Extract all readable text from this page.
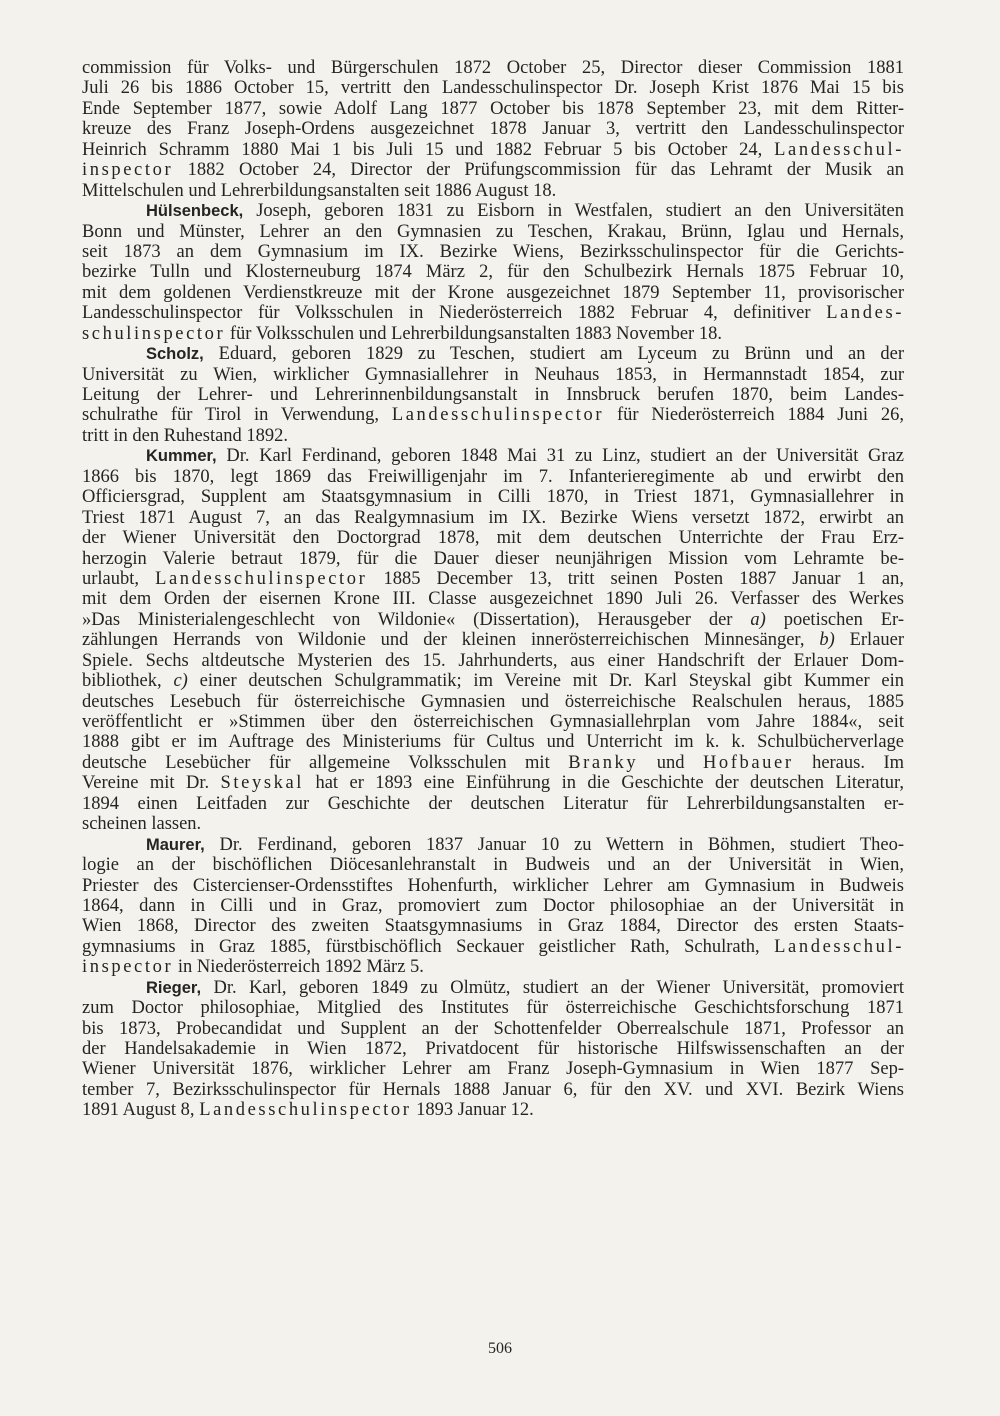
commission für Volks- und Bürgerschulen 1872 October 25, Director dieser Commission 1881
Juli 26 bis 1886 October 15, vertritt den Landesschulinspector Dr. Joseph Krist 1876 Mai 15 bis
Ende September 1877, sowie Adolf Lang 1877 October bis 1878 September 23, mit dem Ritter-
kreuze des Franz Joseph-Ordens ausgezeichnet 1878 Januar 3, vertritt den Landesschulinspector
Heinrich Schramm 1880 Mai 1 bis Juli 15 und 1882 Februar 5 bis October 24, Landesschul-
inspector 1882 October 24, Director der Prüfungscommission für das Lehramt der Musik an
Mittelschulen und Lehrerbildungsanstalten seit 1886 August 18.
Hülsenbeck, Joseph, geboren 1831 zu Eisborn in Westfalen, studiert an den Universitäten
Bonn und Münster, Lehrer an den Gymnasien zu Teschen, Krakau, Brünn, Iglau und Hernals,
seit 1873 an dem Gymnasium im IX. Bezirke Wiens, Bezirksschulinspector für die Gerichts-
bezirke Tulln und Klosterneuburg 1874 März 2, für den Schulbezirk Hernals 1875 Februar 10,
mit dem goldenen Verdienstkreuze mit der Krone ausgezeichnet 1879 September 11, provisorischer
Landesschulinspector für Volksschulen in Niederösterreich 1882 Februar 4, definitiver Landes-
schulinspector für Volksschulen und Lehrerbildungsanstalten 1883 November 18.
Scholz, Eduard, geboren 1829 zu Teschen, studiert am Lyceum zu Brünn und an der
Universität zu Wien, wirklicher Gymnasiallehrer in Neuhaus 1853, in Hermannstadt 1854, zur
Leitung der Lehrer- und Lehrerinnenbildungsanstalt in Innsbruck berufen 1870, beim Landes-
schulrathe für Tirol in Verwendung, Landesschulinspector für Niederösterreich 1884 Juni 26,
tritt in den Ruhestand 1892.
Kummer, Dr. Karl Ferdinand, geboren 1848 Mai 31 zu Linz, studiert an der Universität Graz
1866 bis 1870, legt 1869 das Freiwilligenjahr im 7. Infanterieregimente ab und erwirbt den
Officiersgrad, Supplent am Staatsgymnasium in Cilli 1870, in Triest 1871, Gymnasiallehrer in
Triest 1871 August 7, an das Realgymnasium im IX. Bezirke Wiens versetzt 1872, erwirbt an
der Wiener Universität den Doctorgrad 1878, mit dem deutschen Unterrichte der Frau Erz-
herzogin Valerie betraut 1879, für die Dauer dieser neunjährigen Mission vom Lehramte be-
urlaubt, Landesschulinspector 1885 December 13, tritt seinen Posten 1887 Januar 1 an,
mit dem Orden der eisernen Krone III. Classe ausgezeichnet 1890 Juli 26. Verfasser des Werkes
»Das Ministerialengeschlecht von Wildonie« (Dissertation), Herausgeber der a) poetischen Er-
zählungen Herrands von Wildonie und der kleinen innerösterreichischen Minnesänger, b) Erlauer
Spiele. Sechs altdeutsche Mysterien des 15. Jahrhunderts, aus einer Handschrift der Erlauer Dom-
bibliothek, c) einer deutschen Schulgrammatik; im Vereine mit Dr. Karl Steyskal gibt Kummer ein
deutsches Lesebuch für österreichische Gymnasien und österreichische Realschulen heraus, 1885
veröffentlicht er »Stimmen über den österreichischen Gymnasiallehrplan vom Jahre 1884«, seit
1888 gibt er im Auftrage des Ministeriums für Cultus und Unterricht im k. k. Schulbücherverlage
deutsche Lesebücher für allgemeine Volksschulen mit Branky und Hofbauer heraus. Im
Vereine mit Dr. Steyskal hat er 1893 eine Einführung in die Geschichte der deutschen Literatur,
1894 einen Leitfaden zur Geschichte der deutschen Literatur für Lehrerbildungsanstalten er-
scheinen lassen.
Maurer, Dr. Ferdinand, geboren 1837 Januar 10 zu Wettern in Böhmen, studiert Theo-
logie an der bischöflichen Diöcesanlehranstalt in Budweis und an der Universität in Wien,
Priester des Cistercienser-Ordensstiftes Hohenfurth, wirklicher Lehrer am Gymnasium in Budweis
1864, dann in Cilli und in Graz, promoviert zum Doctor philosophiae an der Universität in
Wien 1868, Director des zweiten Staatsgymnasiums in Graz 1884, Director des ersten Staats-
gymnasiums in Graz 1885, fürstbischöflich Seckauer geistlicher Rath, Schulrath, Landesschul-
inspector in Niederösterreich 1892 März 5.
Rieger, Dr. Karl, geboren 1849 zu Olmütz, studiert an der Wiener Universität, promoviert
zum Doctor philosophiae, Mitglied des Institutes für österreichische Geschichtsforschung 1871
bis 1873, Probecandidat und Supplent an der Schottenfelder Oberrealschule 1871, Professor an
der Handelsakademie in Wien 1872, Privatdocent für historische Hilfswissenschaften an der
Wiener Universität 1876, wirklicher Lehrer am Franz Joseph-Gymnasium in Wien 1877 Sep-
tember 7, Bezirksschulinspector für Hernals 1888 Januar 6, für den XV. und XVI. Bezirk Wiens
1891 August 8, Landesschulinspector 1893 Januar 12.
506
